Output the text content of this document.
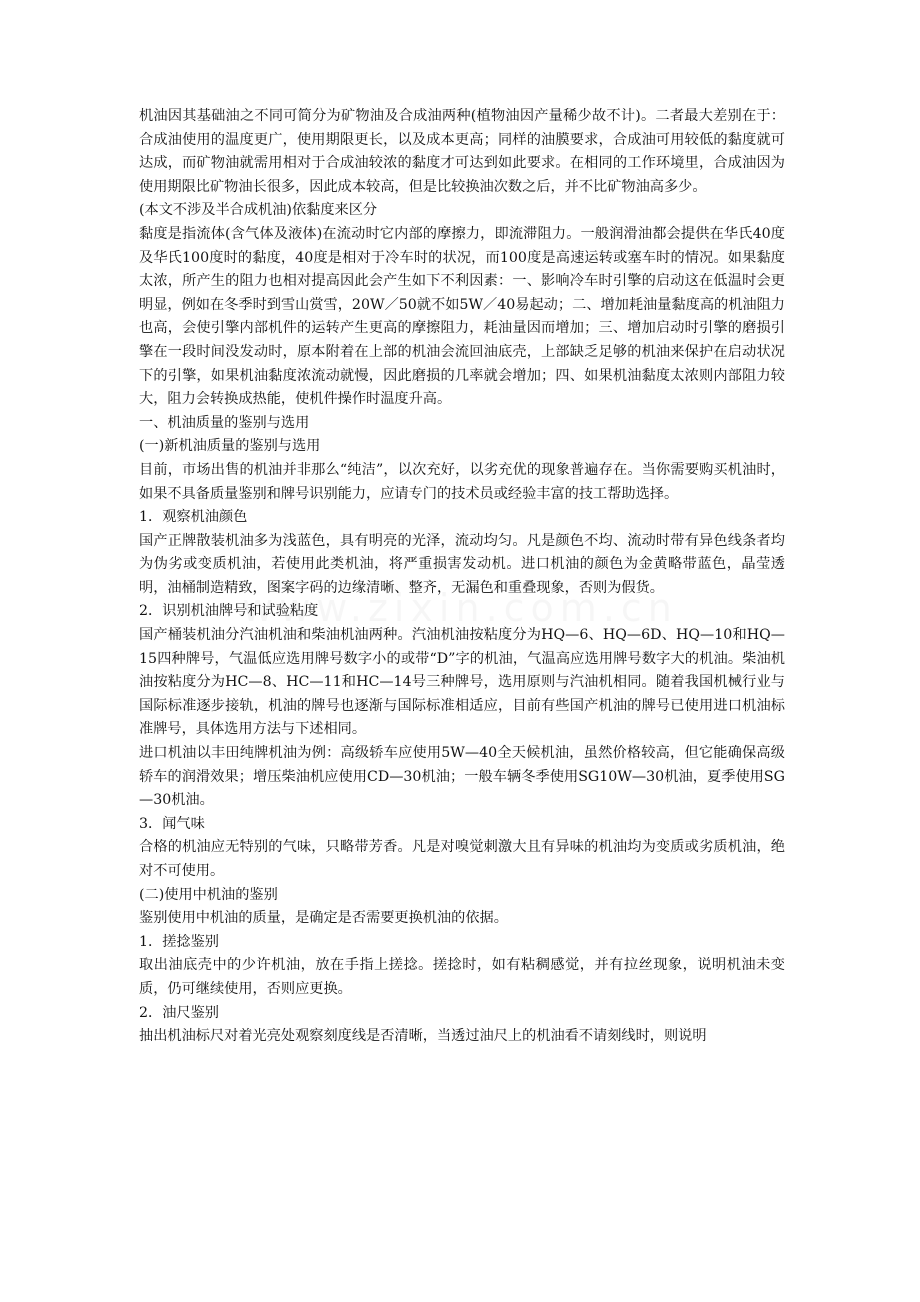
机油因其基础油之不同可简分为矿物油及合成油两种(植物油因产量稀少故不计)。二者最大差别在于：合成油使用的温度更广，使用期限更长，以及成本更高；同样的油膜要求，合成油可用较低的黏度就可达成，而矿物油就需用相对于合成油较浓的黏度才可达到如此要求。在相同的工作环境里，合成油因为使用期限比矿物油长很多，因此成本较高，但是比较换油次数之后，并不比矿物油高多少。

(本文不涉及半合成机油)依黏度来区分

黏度是指流体(含气体及液体)在流动时它内部的摩擦力，即流滞阻力。一般润滑油都会提供在华氏40度及华氏100度时的黏度，40度是相对于冷车时的状况，而100度是高速运转或塞车时的情况。如果黏度太浓，所产生的阻力也相对提高因此会产生如下不利因素：一、影响冷车时引擎的启动这在低温时会更明显，例如在冬季时到雪山赏雪，20W／50就不如5W／40易起动；二、增加耗油量黏度高的机油阻力也高，会使引擎内部机件的运转产生更高的摩擦阻力，耗油量因而增加；三、增加启动时引擎的磨损引擎在一段时间没发动时，原本附着在上部的机油会流回油底壳，上部缺乏足够的机油来保护在启动状况下的引擎，如果机油黏度浓流动就慢，因此磨损的几率就会增加；四、如果机油黏度太浓则内部阻力较大，阻力会转换成热能，使机件操作时温度升高。

一、机油质量的鉴别与选用

(一)新机油质量的鉴别与选用

目前，市场出售的机油并非那么“纯洁”，以次充好，以劣充优的现象普遍存在。当你需要购买机油时，如果不具备质量鉴别和牌号识别能力，应请专门的技术员或经验丰富的技工帮助选择。

1．观察机油颜色

国产正牌散装机油多为浅蓝色，具有明亮的光泽，流动均匀。凡是颜色不均、流动时带有异色线条者均为伪劣或变质机油，若使用此类机油，将严重损害发动机。进口机油的颜色为金黄略带蓝色，晶莹透明，油桶制造精致，图案字码的边缘清晰、整齐，无漏色和重叠现象，否则为假货。

2．识别机油牌号和试验粘度

国产桶装机油分汽油机油和柴油机油两种。汽油机油按粘度分为HQ—6、HQ—6D、HQ—10和HQ—15四种牌号，气温低应选用牌号数字小的或带“D”字的机油，气温高应选用牌号数字大的机油。柴油机油按粘度分为HC—8、HC—11和HC—14号三种牌号，选用原则与汽油机相同。随着我国机械行业与国际标准逐步接轨，机油的牌号也逐渐与国际标准相适应，目前有些国产机油的牌号已使用进口机油标准牌号，具体选用方法与下述相同。

进口机油以丰田纯牌机油为例：高级轿车应使用5W—40全天候机油，虽然价格较高，但它能确保高级轿车的润滑效果；增压柴油机应使用CD—30机油；一般车辆冬季使用SG10W—30机油，夏季使用SG—30机油。

3．闻气味

合格的机油应无特别的气味，只略带芳香。凡是对嗅觉刺激大且有异味的机油均为变质或劣质机油，绝对不可使用。

(二)使用中机油的鉴别

鉴别使用中机油的质量，是确定是否需要更换机油的依据。

1．搓捻鉴别

取出油底壳中的少许机油，放在手指上搓捻。搓捻时，如有粘稠感觉，并有拉丝现象，说明机油未变质，仍可继续使用，否则应更换。

2．油尺鉴别

抽出机油标尺对着光亮处观察刻度线是否清晰，当透过油尺上的机油看不请刻线时，则说明
